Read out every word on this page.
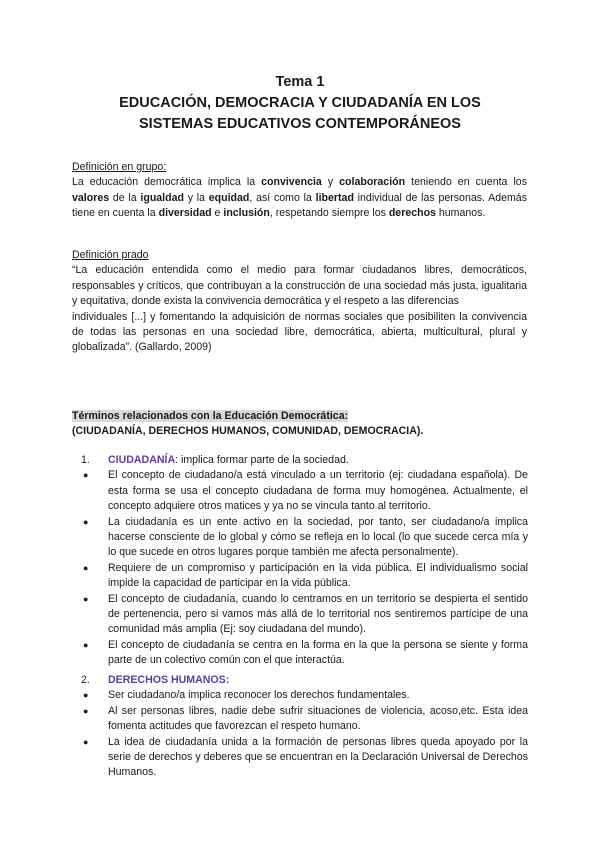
Tema 1
EDUCACIÓN, DEMOCRACIA Y CIUDADANÍA EN LOS
SISTEMAS EDUCATIVOS CONTEMPORÁNEOS

Definición en grupo:

La educación democrática implica la convivencia y colaboración teniendo en cuenta los valores de la igualdad y la equidad, así como la libertad individual de las personas. Además tiene en cuenta la diversidad e inclusión, respetando siempre los derechos humanos.

Definición prado

“La educación entendida como el medio para formar ciudadanos libres, democráticos, responsables y críticos, que contribuyan a la construcción de una sociedad más justa, igualitaria y equitativa, donde exista la convivencia democrática y el respeto a las diferencias

individuales [...] y fomentando la adquisición de normas sociales que posibiliten la convivencia de todas las personas en una sociedad libre, democrática, abierta, multicultural, plural y globalizada”. (Gallardo, 2009)

Términos relacionados con la Educación Democrática:

(CIUDADANÍA, DERECHOS HUMANOS, COMUNIDAD, DEMOCRACIA).

1. CIUDADANÍA: implica formar parte de la sociedad.
● El concepto de ciudadano/a está vinculado a un territorio (ej: ciudadana española). De esta forma se usa el concepto ciudadana de forma muy homogénea. Actualmente, el concepto adquiere otros matices y ya no se vincula tanto al territorio.
● La ciudadanía es un ente activo en la sociedad, por tanto, ser ciudadano/a implica hacerse consciente de lo global y cómo se refleja en lo local (lo que sucede cerca mía y lo que sucede en otros lugares porque también me afecta personalmente).
● Requiere de un compromiso y participación en la vida pública. El individualismo social impide la capacidad de participar en la vida pública.
● El concepto de ciudadanía, cuando lo centramos en un territorio se despierta el sentido de pertenencia, pero si vamos más allá de lo territorial nos sentiremos partícipe de una comunidad más amplia (Ej: soy ciudadana del mundo).
● El concepto de ciudadanía se centra en la forma en la que la persona se siente y forma parte de un colectivo común con el que interactúa.
2. DERECHOS HUMANOS:
● Ser ciudadano/a implica reconocer los derechos fundamentales.
● Al ser personas libres, nadie debe sufrir situaciones de violencia, acoso,etc. Esta idea fomenta actitudes que favorezcan el respeto humano.
● La idea de ciudadanía unida a la formación de personas libres queda apoyado por la serie de derechos y deberes que se encuentran en la Declaración Universal de Derechos Humanos.
